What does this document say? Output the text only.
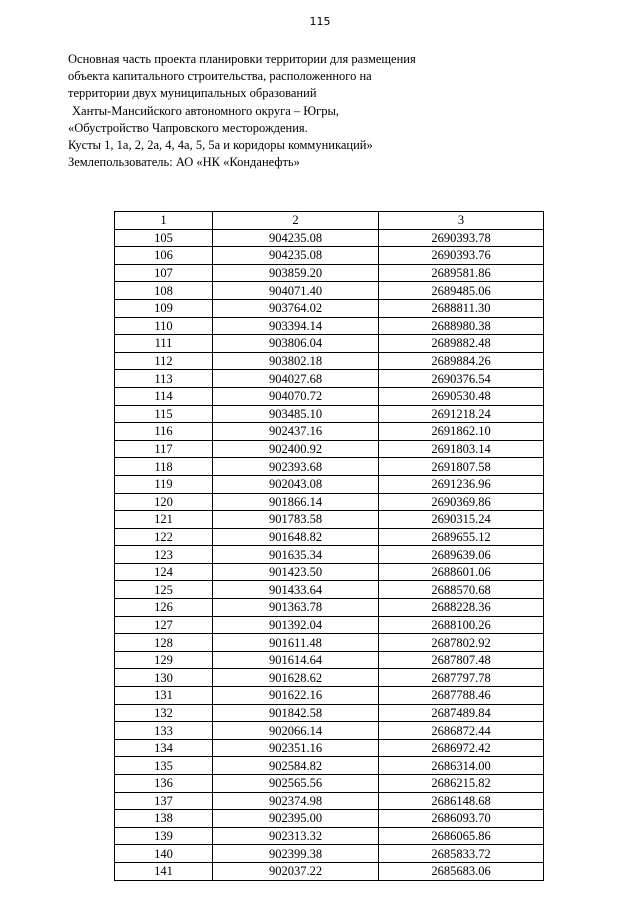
115
Основная часть проекта планировки территории для размещения
объекта капитального строительства, расположенного на
территории двух муниципальных образований
Ханты-Мансийского автономного округа – Югры,
«Обустройство Чапровского месторождения.
Кусты 1, 1а, 2, 2а, 4, 4а, 5, 5а и коридоры коммуникаций»
Землепользователь: АО «НК «Конданефть»
1	2	3
105	904235.08	2690393.78
106	904235.08	2690393.76
107	903859.20	2689581.86
108	904071.40	2689485.06
109	903764.02	2688811.30
110	903394.14	2688980.38
111	903806.04	2689882.48
112	903802.18	2689884.26
113	904027.68	2690376.54
114	904070.72	2690530.48
115	903485.10	2691218.24
116	902437.16	2691862.10
117	902400.92	2691803.14
118	902393.68	2691807.58
119	902043.08	2691236.96
120	901866.14	2690369.86
121	901783.58	2690315.24
122	901648.82	2689655.12
123	901635.34	2689639.06
124	901423.50	2688601.06
125	901433.64	2688570.68
126	901363.78	2688228.36
127	901392.04	2688100.26
128	901611.48	2687802.92
129	901614.64	2687807.48
130	901628.62	2687797.78
131	901622.16	2687788.46
132	901842.58	2687489.84
133	902066.14	2686872.44
134	902351.16	2686972.42
135	902584.82	2686314.00
136	902565.56	2686215.82
137	902374.98	2686148.68
138	902395.00	2686093.70
139	902313.32	2686065.86
140	902399.38	2685833.72
141	902037.22	2685683.06
